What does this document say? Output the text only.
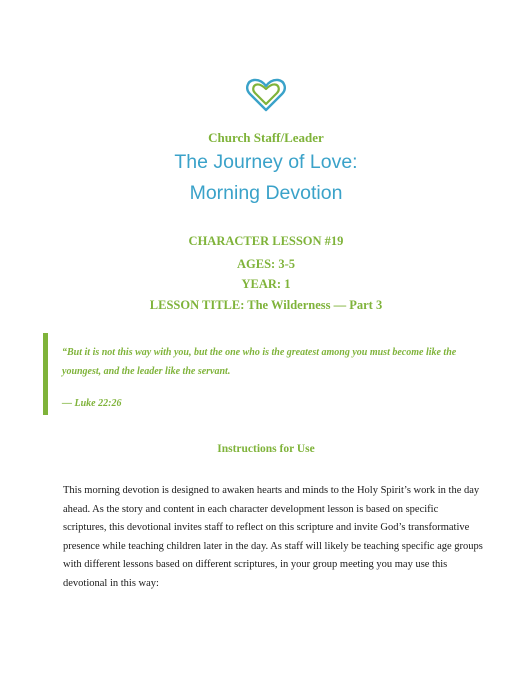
Church Staff/Leader
The Journey of Love:
Morning Devotion
CHARACTER LESSON #19
AGES: 3-5
YEAR: 1
LESSON TITLE: The Wilderness — Part 3
“But it is not this way with you, but the one who is the greatest among you must become like the youngest, and the leader like the servant.
— Luke 22:26
Instructions for Use
This morning devotion is designed to awaken hearts and minds to the Holy Spirit’s work in the day ahead. As the story and content in each character development lesson is based on specific scriptures, this devotional invites staff to reflect on this scripture and invite God’s transformative presence while teaching children later in the day. As staff will likely be teaching specific age groups with different lessons based on different scriptures, in your group meeting you may use this devotional in this way:
